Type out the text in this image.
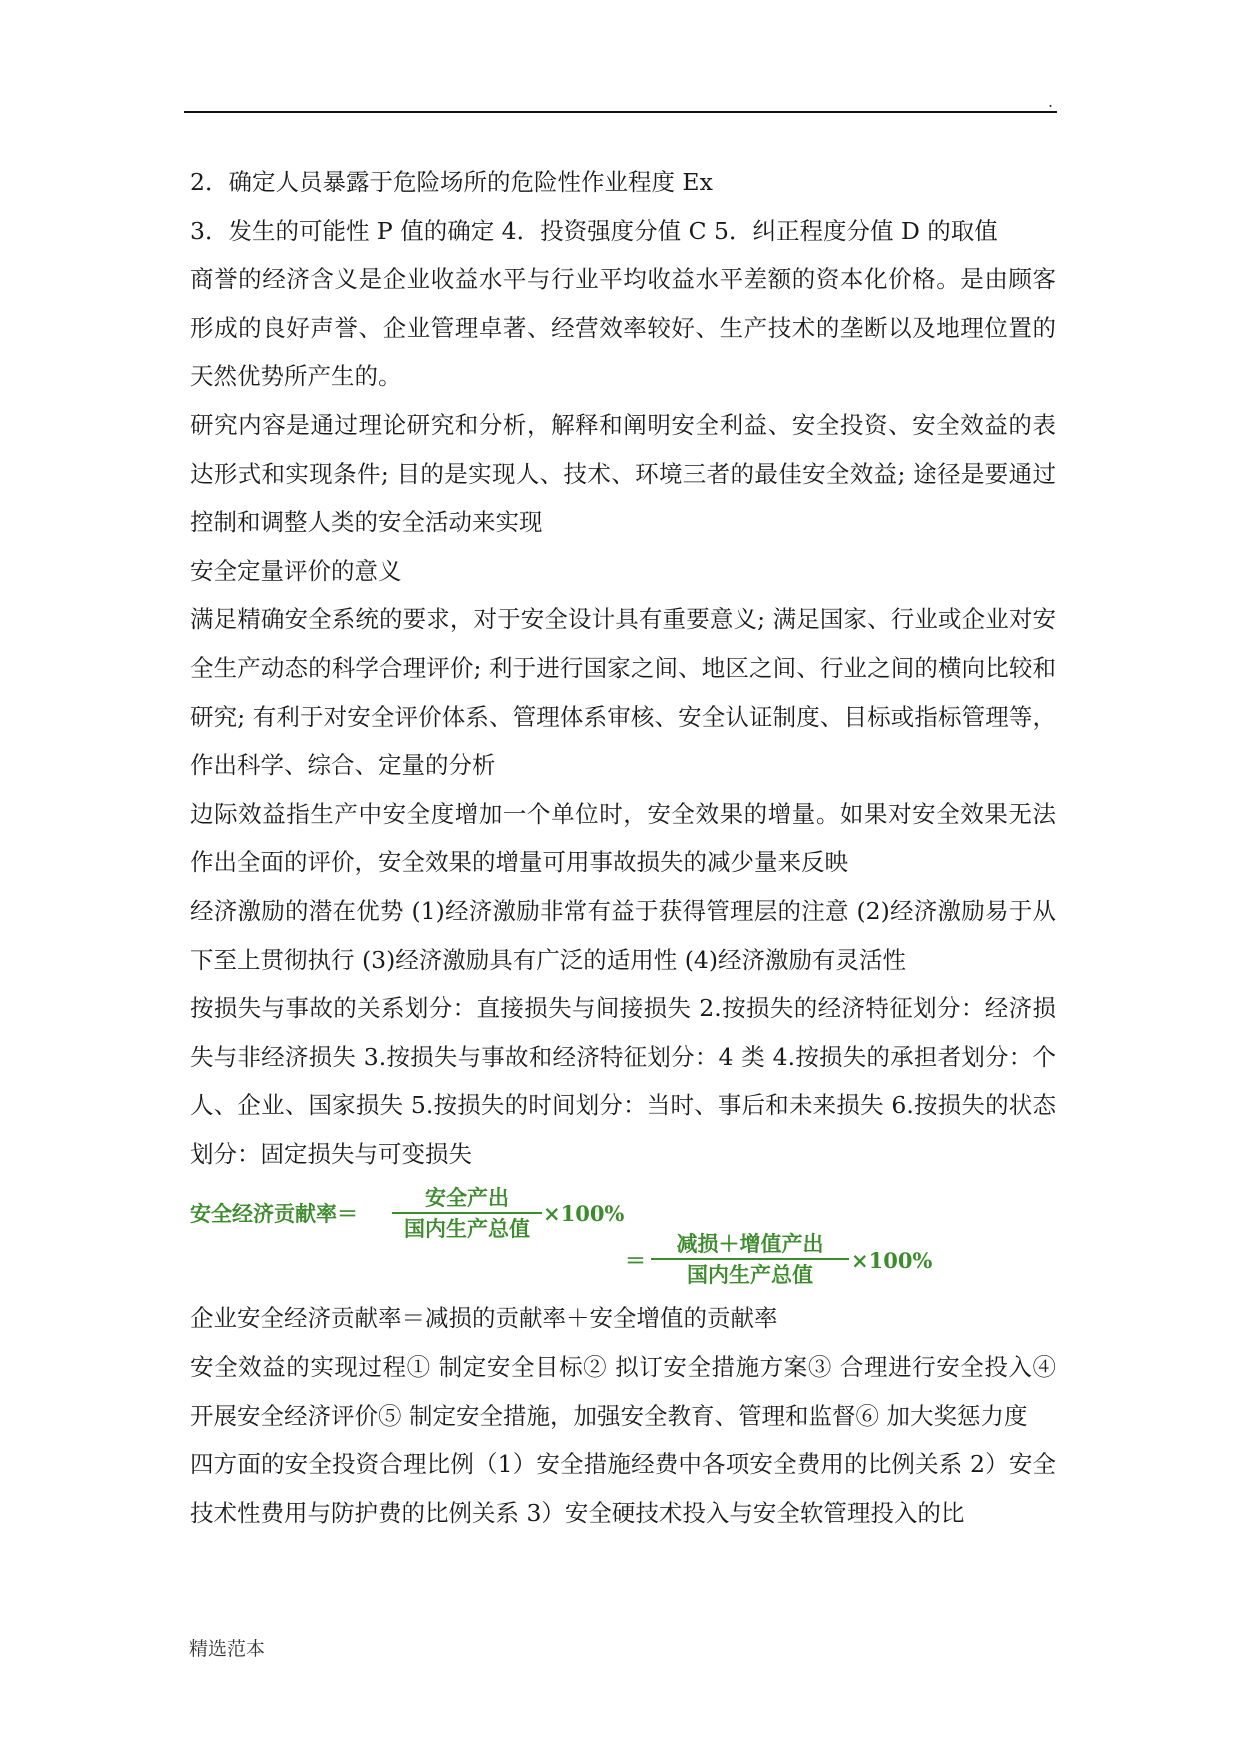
.

2．确定人员暴露于危险场所的危险性作业程度 Ex

3．发生的可能性 P 值的确定 4．投资强度分值 C 5．纠正程度分值 D 的取值

商誉的经济含义是企业收益水平与行业平均收益水平差额的资本化价格。是由顾客形成的良好声誉、企业管理卓著、经营效率较好、生产技术的垄断以及地理位置的天然优势所产生的。

研究内容是通过理论研究和分析，解释和阐明安全利益、安全投资、安全效益的表达形式和实现条件; 目的是实现人、技术、环境三者的最佳安全效益; 途径是要通过控制和调整人类的安全活动来实现

安全定量评价的意义

满足精确安全系统的要求，对于安全设计具有重要意义; 满足国家、行业或企业对安全生产动态的科学合理评价; 利于进行国家之间、地区之间、行业之间的横向比较和研究; 有利于对安全评价体系、管理体系审核、安全认证制度、目标或指标管理等，作出科学、综合、定量的分析

边际效益指生产中安全度增加一个单位时，安全效果的增量。如果对安全效果无法作出全面的评价，安全效果的增量可用事故损失的减少量来反映

经济激励的潜在优势 (1)经济激励非常有益于获得管理层的注意 (2)经济激励易于从下至上贯彻执行 (3)经济激励具有广泛的适用性 (4)经济激励有灵活性

按损失与事故的关系划分：直接损失与间接损失 2.按损失的经济特征划分：经济损失与非经济损失 3.按损失与事故和经济特征划分：4 类 4.按损失的承担者划分：个人、企业、国家损失 5.按损失的时间划分：当时、事后和未来损失 6.按损失的状态划分：固定损失与可变损失

安全经济贡献率＝
安全产出
国内生产总值
×100%
＝
减损＋增值产出
国内生产总值
×100%

企业安全经济贡献率＝减损的贡献率＋安全增值的贡献率

安全效益的实现过程① 制定安全目标② 拟订安全措施方案③ 合理进行安全投入④ 开展安全经济评价⑤ 制定安全措施，加强安全教育、管理和监督⑥ 加大奖惩力度

四方面的安全投资合理比例（1）安全措施经费中各项安全费用的比例关系 2）安全技术性费用与防护费的比例关系 3）安全硬技术投入与安全软管理投入的比

精选范本
